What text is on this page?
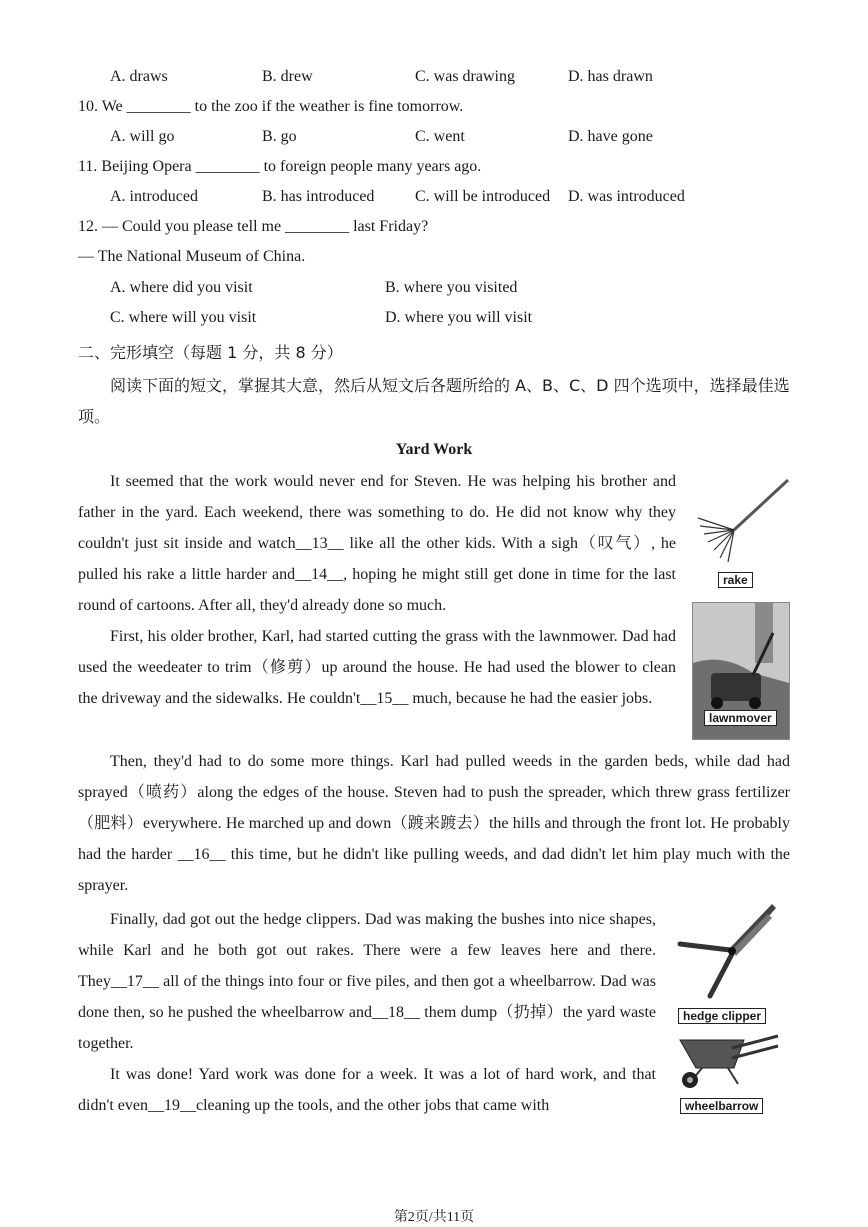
A. draws	B. drew	C. was drawing	D. has drawn
10. We ________ to the zoo if the weather is fine tomorrow.
A. will go	B. go	C. went	D. have gone
11. Beijing Opera ________ to foreign people many years ago.
A. introduced	B. has introduced	C. will be introduced D. was introduced
12. — Could you please tell me ________ last Friday?
— The National Museum of China.
A. where did you visit	B. where you visited
C. where will you visit	D. where you will visit
二、完形填空（每题 1 分，共 8 分）
阅读下面的短文，掌握其大意，然后从短文后各题所给的 A、B、C、D 四个选项中，选择最佳选项。
Yard Work

It seemed that the work would never end for Steven. He was helping his brother and father in the yard. Each weekend, there was something to do. He did not know why they couldn't just sit inside and watch__13__ like all the other kids. With a sigh（叹气）, he pulled his rake a little harder and__14__, hoping he might still get done in time for the last round of cartoons. After all, they'd already done so much.

First, his older brother, Karl, had started cutting the grass with the lawnmower. Dad had used the weedeater to trim（修剪）up around the house. He had used the blower to clean the driveway and the sidewalks. He couldn't__15__ much, because he had the easier jobs.

Then, they'd had to do some more things. Karl had pulled weeds in the garden beds, while dad had sprayed（喷药）along the edges of the house. Steven had to push the spreader, which threw grass fertilizer（肥料）everywhere. He marched up and down（踱来踱去）the hills and through the front lot. He probably had the harder __16__ this time, but he didn't like pulling weeds, and dad didn't let him play much with the sprayer.

Finally, dad got out the hedge clippers. Dad was making the bushes into nice shapes, while Karl and he both got out rakes. There were a few leaves here and there. They__17__ all of the things into four or five piles, and then got a wheelbarrow. Dad was done then, so he pushed the wheelbarrow and__18__ them dump（扔掉）the yard waste together.

It was done! Yard work was done for a week. It was a lot of hard work, and that didn't even__19__cleaning up the tools, and the other jobs that came with

rake
lawnmover
hedge clipper
wheelbarrow
第2页/共11页
